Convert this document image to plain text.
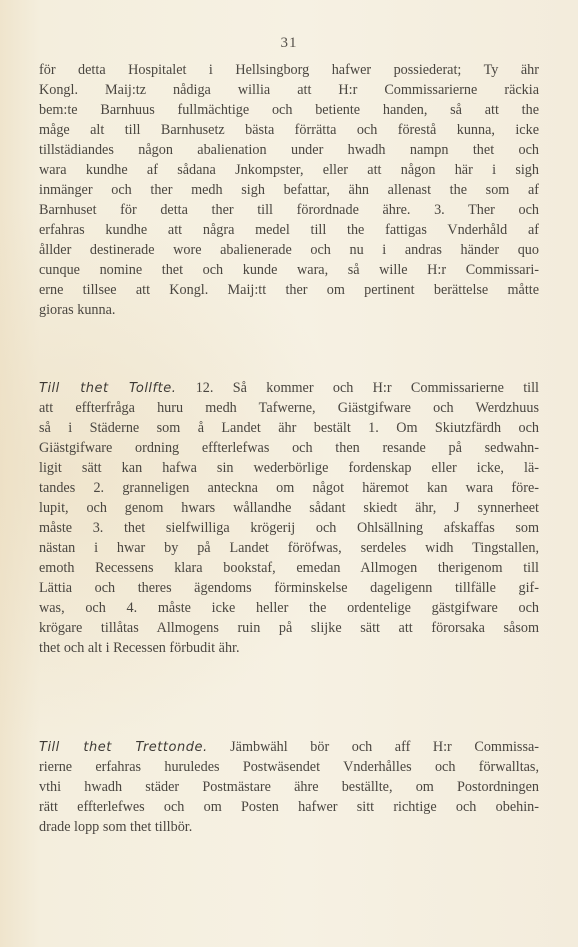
31
för detta Hospitalet i Hellsingborg hafwer possiederat; Ty ähr
Kongl. Maij:tz nådiga willia att H:r Commissarierne räckia
bem:te Barnhuus fullmächtige och betiente handen, så att the
måge alt till Barnhusetz bästa förrätta och förestå kunna, icke
tillstädiandes någon abalienation under hwadh nampn thet och
wara kundhe af sådana Jnkompster, eller att någon här i sigh
inmänger och ther medh sigh befattar, ähn allenast the som af
Barnhuset för detta ther till förordnade ähre. 3. Ther och
erfahras kundhe att några medel till the fattigas Vnderhåld af
ållder destinerade wore abalienerade och nu i andras händer quo
cunque nomine thet och kunde wara, så wille H:r Commissari-
erne tillsee att Kongl. Maij:tt ther om pertinent berättelse måtte
gioras kunna.
Till thet Tollfte. 12. Så kommer och H:r Commissarierne till
att effterfråga huru medh Tafwerne, Giästgifware och Werdzhuus
så i Städerne som å Landet ähr bestält 1. Om Skiutzfärdh och
Giästgifware ordning effterlefwas och then resande på sedwahn-
ligit sätt kan hafwa sin wederbörlige fordenskap eller icke, lä-
tandes 2. granneligen anteckna om något häremot kan wara före-
lupit, och genom hwars wållandhe sådant skiedt ähr, J synnerheet
måste 3. thet sielfwilliga krögerij och Ohlsällning afskaffas som
nästan i hwar by på Landet föröfwas, serdeles widh Tingstallen,
emoth Recessens klara bookstaf, emedan Allmogen therigenom till
Lättia och theres ägendoms förminskelse dageligenn tillfälle gif-
was, och 4. måste icke heller the ordentelige gästgifware och
krögare tillåtas Allmogens ruin på slijke sätt att förorsaka såsom
thet och alt i Recessen förbudit ähr.
Till thet Trettonde. Jämbwähl bör och aff H:r Commissa-
rierne erfahras huruledes Postwäsendet Vnderhålles och förwalltas,
vthi hwadh städer Postmästare ähre beställte, om Postordningen
rätt effterlefwes och om Posten hafwer sitt richtige och obehin-
drade lopp som thet tillbör.
